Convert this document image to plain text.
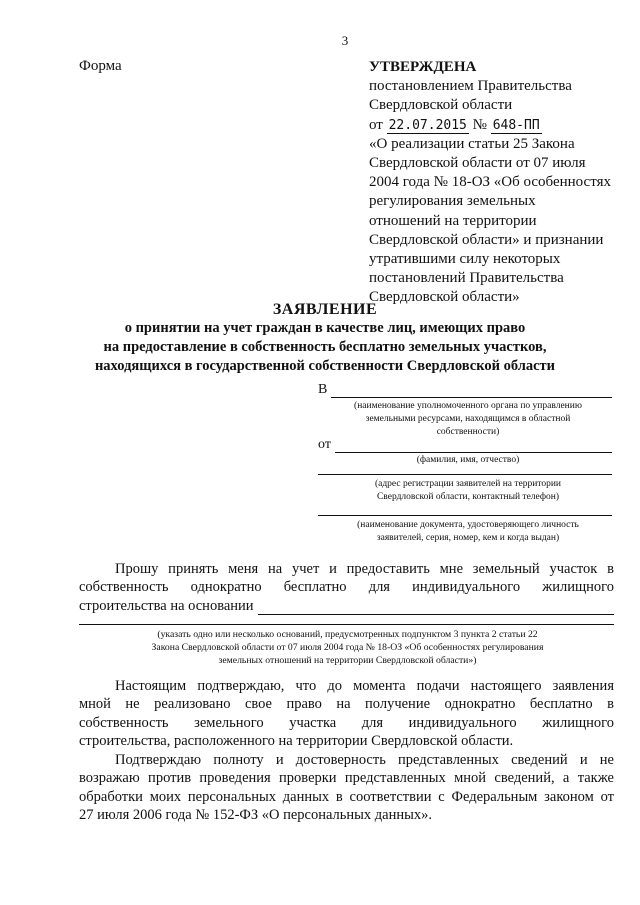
3
Форма	УТВЕРЖДЕНА
постановлением Правительства
Свердловской области
от 22.07.2015 № 648-ПП
«О реализации статьи 25 Закона
Свердловской области от 07 июля
2004 года № 18-ОЗ «Об особенностях
регулирования земельных
отношений на территории
Свердловской области» и признании
утратившими силу некоторых
постановлений Правительства
Свердловской области»
ЗАЯВЛЕНИЕ
о принятии на учет граждан в качестве лиц, имеющих право
на предоставление в собственность бесплатно земельных участков,
находящихся в государственной собственности Свердловской области
В
(наименование уполномоченного органа по управлению
земельными ресурсами, находящимся в областной
собственности)
от
(фамилия, имя, отчество)
(адрес регистрации заявителей на территории
Свердловской области, контактный телефон)
(наименование документа, удостоверяющего личность
заявителей, серия, номер, кем и когда выдан)
Прошу принять меня на учет и предоставить мне земельный участок в
собственность однократно бесплатно для индивидуального жилищного
строительства на основании
(указать одно или несколько оснований, предусмотренных подпунктом 3 пункта 2 статьи 22
Закона Свердловской области от 07 июля 2004 года № 18-ОЗ «Об особенностях регулирования
земельных отношений на территории Свердловской области»)
Настоящим подтверждаю, что до момента подачи настоящего заявления
мной не реализовано свое право на получение однократно бесплатно в
собственность земельного участка для индивидуального жилищного
строительства, расположенного на территории Свердловской области.
Подтверждаю полноту и достоверность представленных сведений и не
возражаю против проведения проверки представленных мной сведений, а также
обработки моих персональных данных в соответствии с Федеральным законом от
27 июля 2006 года № 152-ФЗ «О персональных данных».
